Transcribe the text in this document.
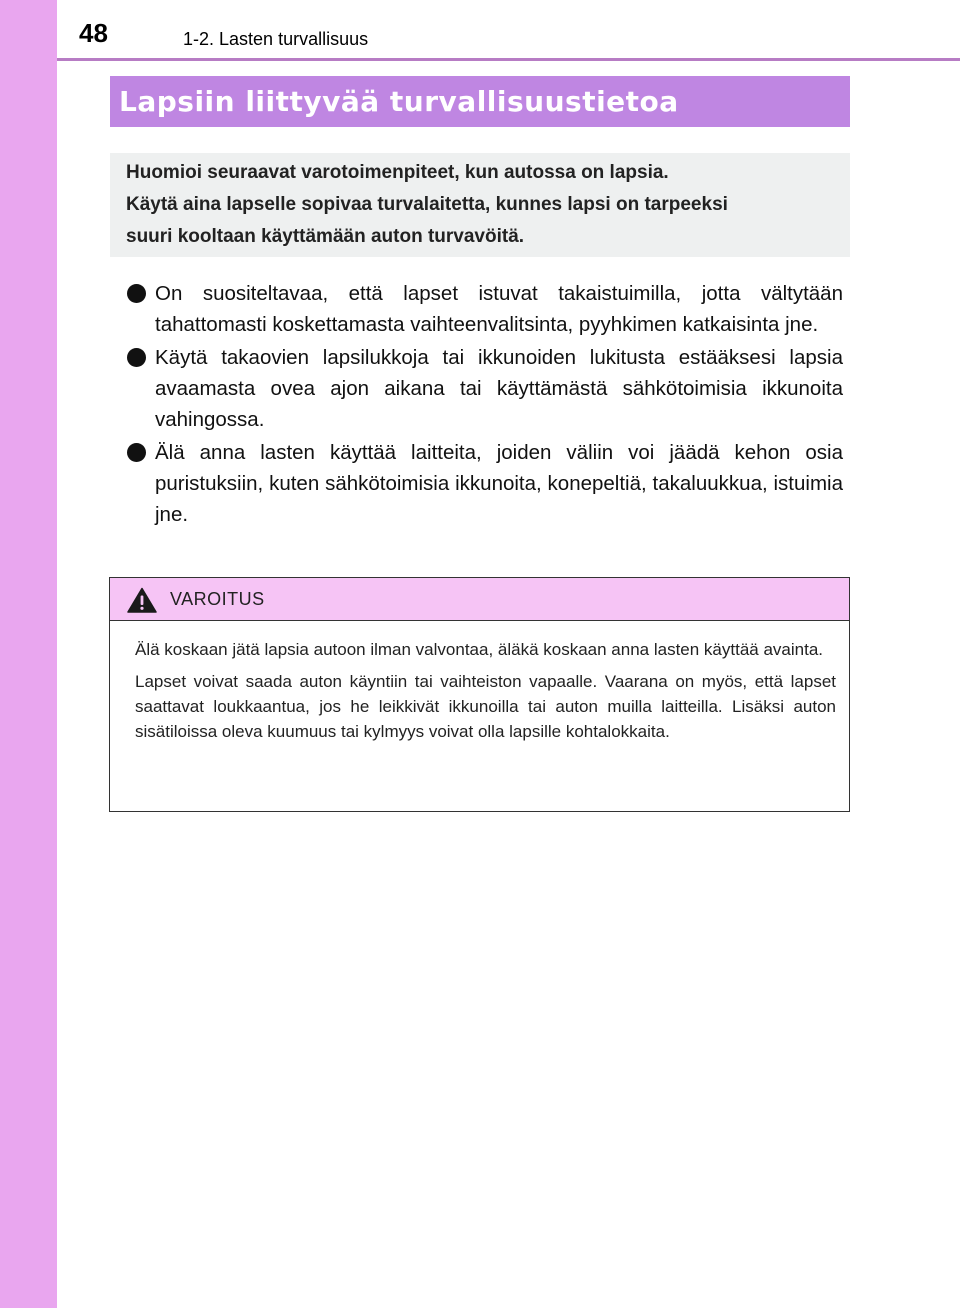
48	1-2. Lasten turvallisuus
Lapsiin liittyvää turvallisuustietoa
Huomioi seuraavat varotoimenpiteet, kun autossa on lapsia.
Käytä aina lapselle sopivaa turvalaitetta, kunnes lapsi on tarpeeksi
suuri kooltaan käyttämään auton turvavöitä.
On suositeltavaa, että lapset istuvat takaistuimilla, jotta vältytään tahattomasti koskettamasta vaihteenvalitsinta, pyyhkimen katkaisinta jne.
Käytä takaovien lapsilukkoja tai ikkunoiden lukitusta estääksesi lapsia avaamasta ovea ajon aikana tai käyttämästä sähkötoimisia ikkunoita vahingossa.
Älä anna lasten käyttää laitteita, joiden väliin voi jäädä kehon osia puristuksiin, kuten sähkötoimisia ikkunoita, konepeltiä, takaluukkua, istuimia jne.
VAROITUS

Älä koskaan jätä lapsia autoon ilman valvontaa, äläkä koskaan anna lasten käyttää avainta.

Lapset voivat saada auton käyntiin tai vaihteiston vapaalle. Vaarana on myös, että lapset saattavat loukkaantua, jos he leikkivät ikkunoilla tai auton muilla laitteilla. Lisäksi auton sisätiloissa oleva kuumuus tai kylmyys voivat olla lapsille kohtalokkaita.
